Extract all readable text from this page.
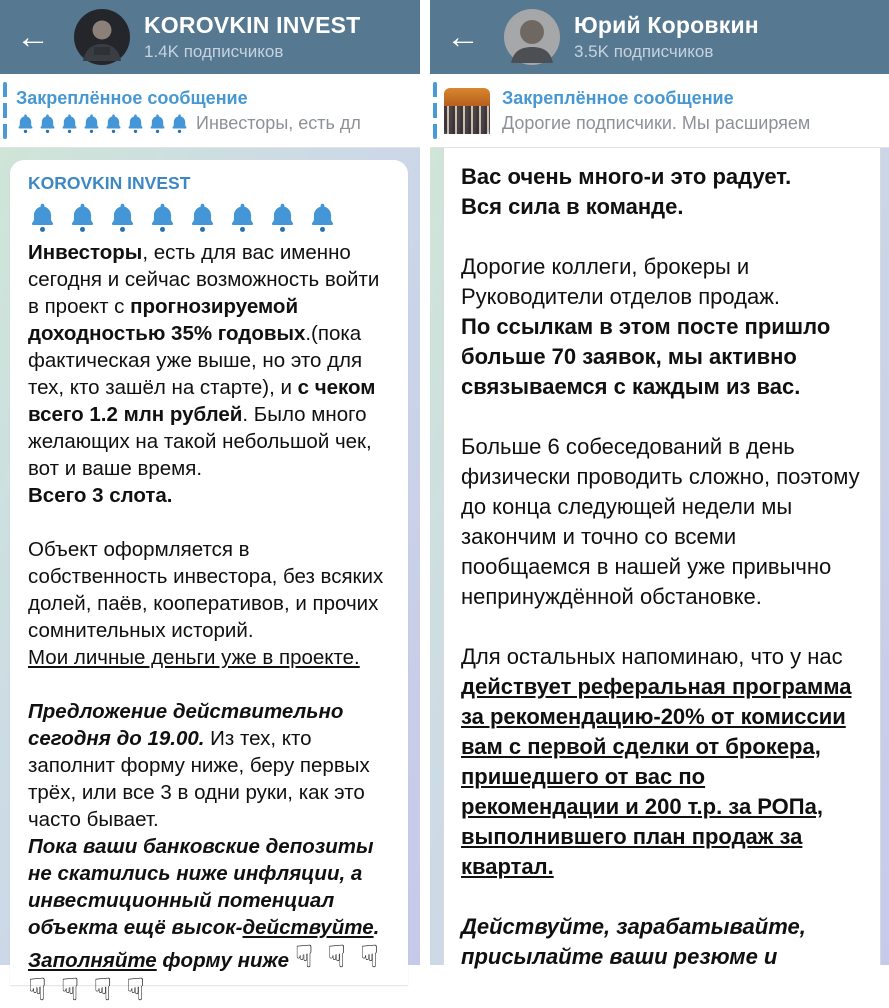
←	KOROVKIN INVEST
1.4K подписчиков
Закреплённое сообщение
Инвесторы, есть дл
KOROVKIN INVEST
Инвесторы, есть для вас именно сегодня и сейчас возможность войти в проект с прогнозируемой доходностью 35% годовых.(пока фактическая уже выше, но это для тех, кто зашёл на старте), и с чеком всего 1.2 млн рублей. Было много желающих на такой небольшой чек, вот и ваше время.
Всего 3 слота.
Объект оформляется в собственность инвестора, без всяких долей, паёв, кооперативов, и прочих сомнительных историй.
Мои личные деньги уже в проекте.
Предложение действительно сегодня до 19.00. Из тех, кто заполнит форму ниже, беру первых трёх, или все 3 в одни руки, как это часто бывает.
Пока ваши банковские депозиты не скатились ниже инфляции, а инвестиционный потенциал объекта ещё высок-действуйте.
Заполняйте форму ниже ☟ ☟ ☟
☟ ☟ ☟ ☟
←	Юрий Коровкин
3.5K подписчиков
Закреплённое сообщение
Дорогие подписчики. Мы расширяем
Вас очень много-и это радует.
Вся сила в команде.
Дорогие коллеги, брокеры и Руководители отделов продаж.
По ссылкам в этом посте пришло больше 70 заявок, мы активно связываемся с каждым из вас.
Больше 6 собеседований в день физически проводить сложно, поэтому до конца следующей недели мы закончим и точно со всеми пообщаемся в нашей уже привычно непринуждённой обстановке.
Для остальных напоминаю, что у нас действует реферальная программа за рекомендацию-20% от комиссии вам с первой сделки от брокера, пришедшего от вас по рекомендации и 200 т.р. за РОПа, выполнившего план продаж за квартал.
Действуйте, зарабатывайте, присылайте ваши резюме и
